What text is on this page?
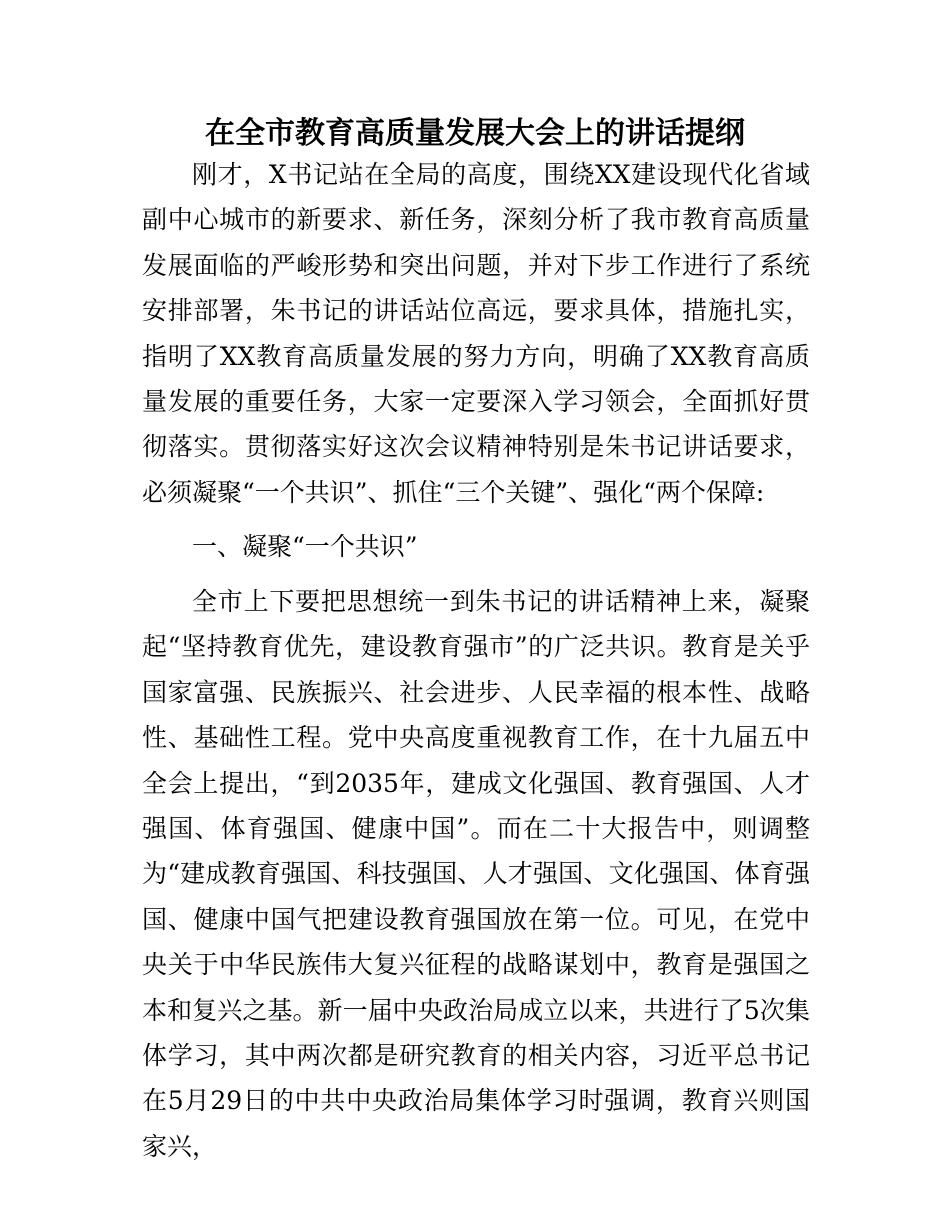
在全市教育高质量发展大会上的讲话提纲

刚才，X书记站在全局的高度，围绕XX建设现代化省域副中心城市的新要求、新任务，深刻分析了我市教育高质量发展面临的严峻形势和突出问题，并对下步工作进行了系统安排部署，朱书记的讲话站位高远，要求具体，措施扎实，指明了XX教育高质量发展的努力方向，明确了XX教育高质量发展的重要任务，大家一定要深入学习领会，全面抓好贯彻落实。贯彻落实好这次会议精神特别是朱书记讲话要求，必须凝聚“一个共识”、抓住“三个关键”、强化“两个保障:

一、凝聚“一个共识”

全市上下要把思想统一到朱书记的讲话精神上来，凝聚起“坚持教育优先，建设教育强市”的广泛共识。教育是关乎国家富强、民族振兴、社会进步、人民幸福的根本性、战略性、基础性工程。党中央高度重视教育工作，在十九届五中全会上提出，“到2035年，建成文化强国、教育强国、人才强国、体育强国、健康中国”。而在二十大报告中，则调整为“建成教育强国、科技强国、人才强国、文化强国、体育强国、健康中国气把建设教育强国放在第一位。可见，在党中央关于中华民族伟大复兴征程的战略谋划中，教育是强国之本和复兴之基。新一届中央政治局成立以来，共进行了5次集体学习，其中两次都是研究教育的相关内容，习近平总书记在5月29日的中共中央政治局集体学习时强调，教育兴则国家兴，
